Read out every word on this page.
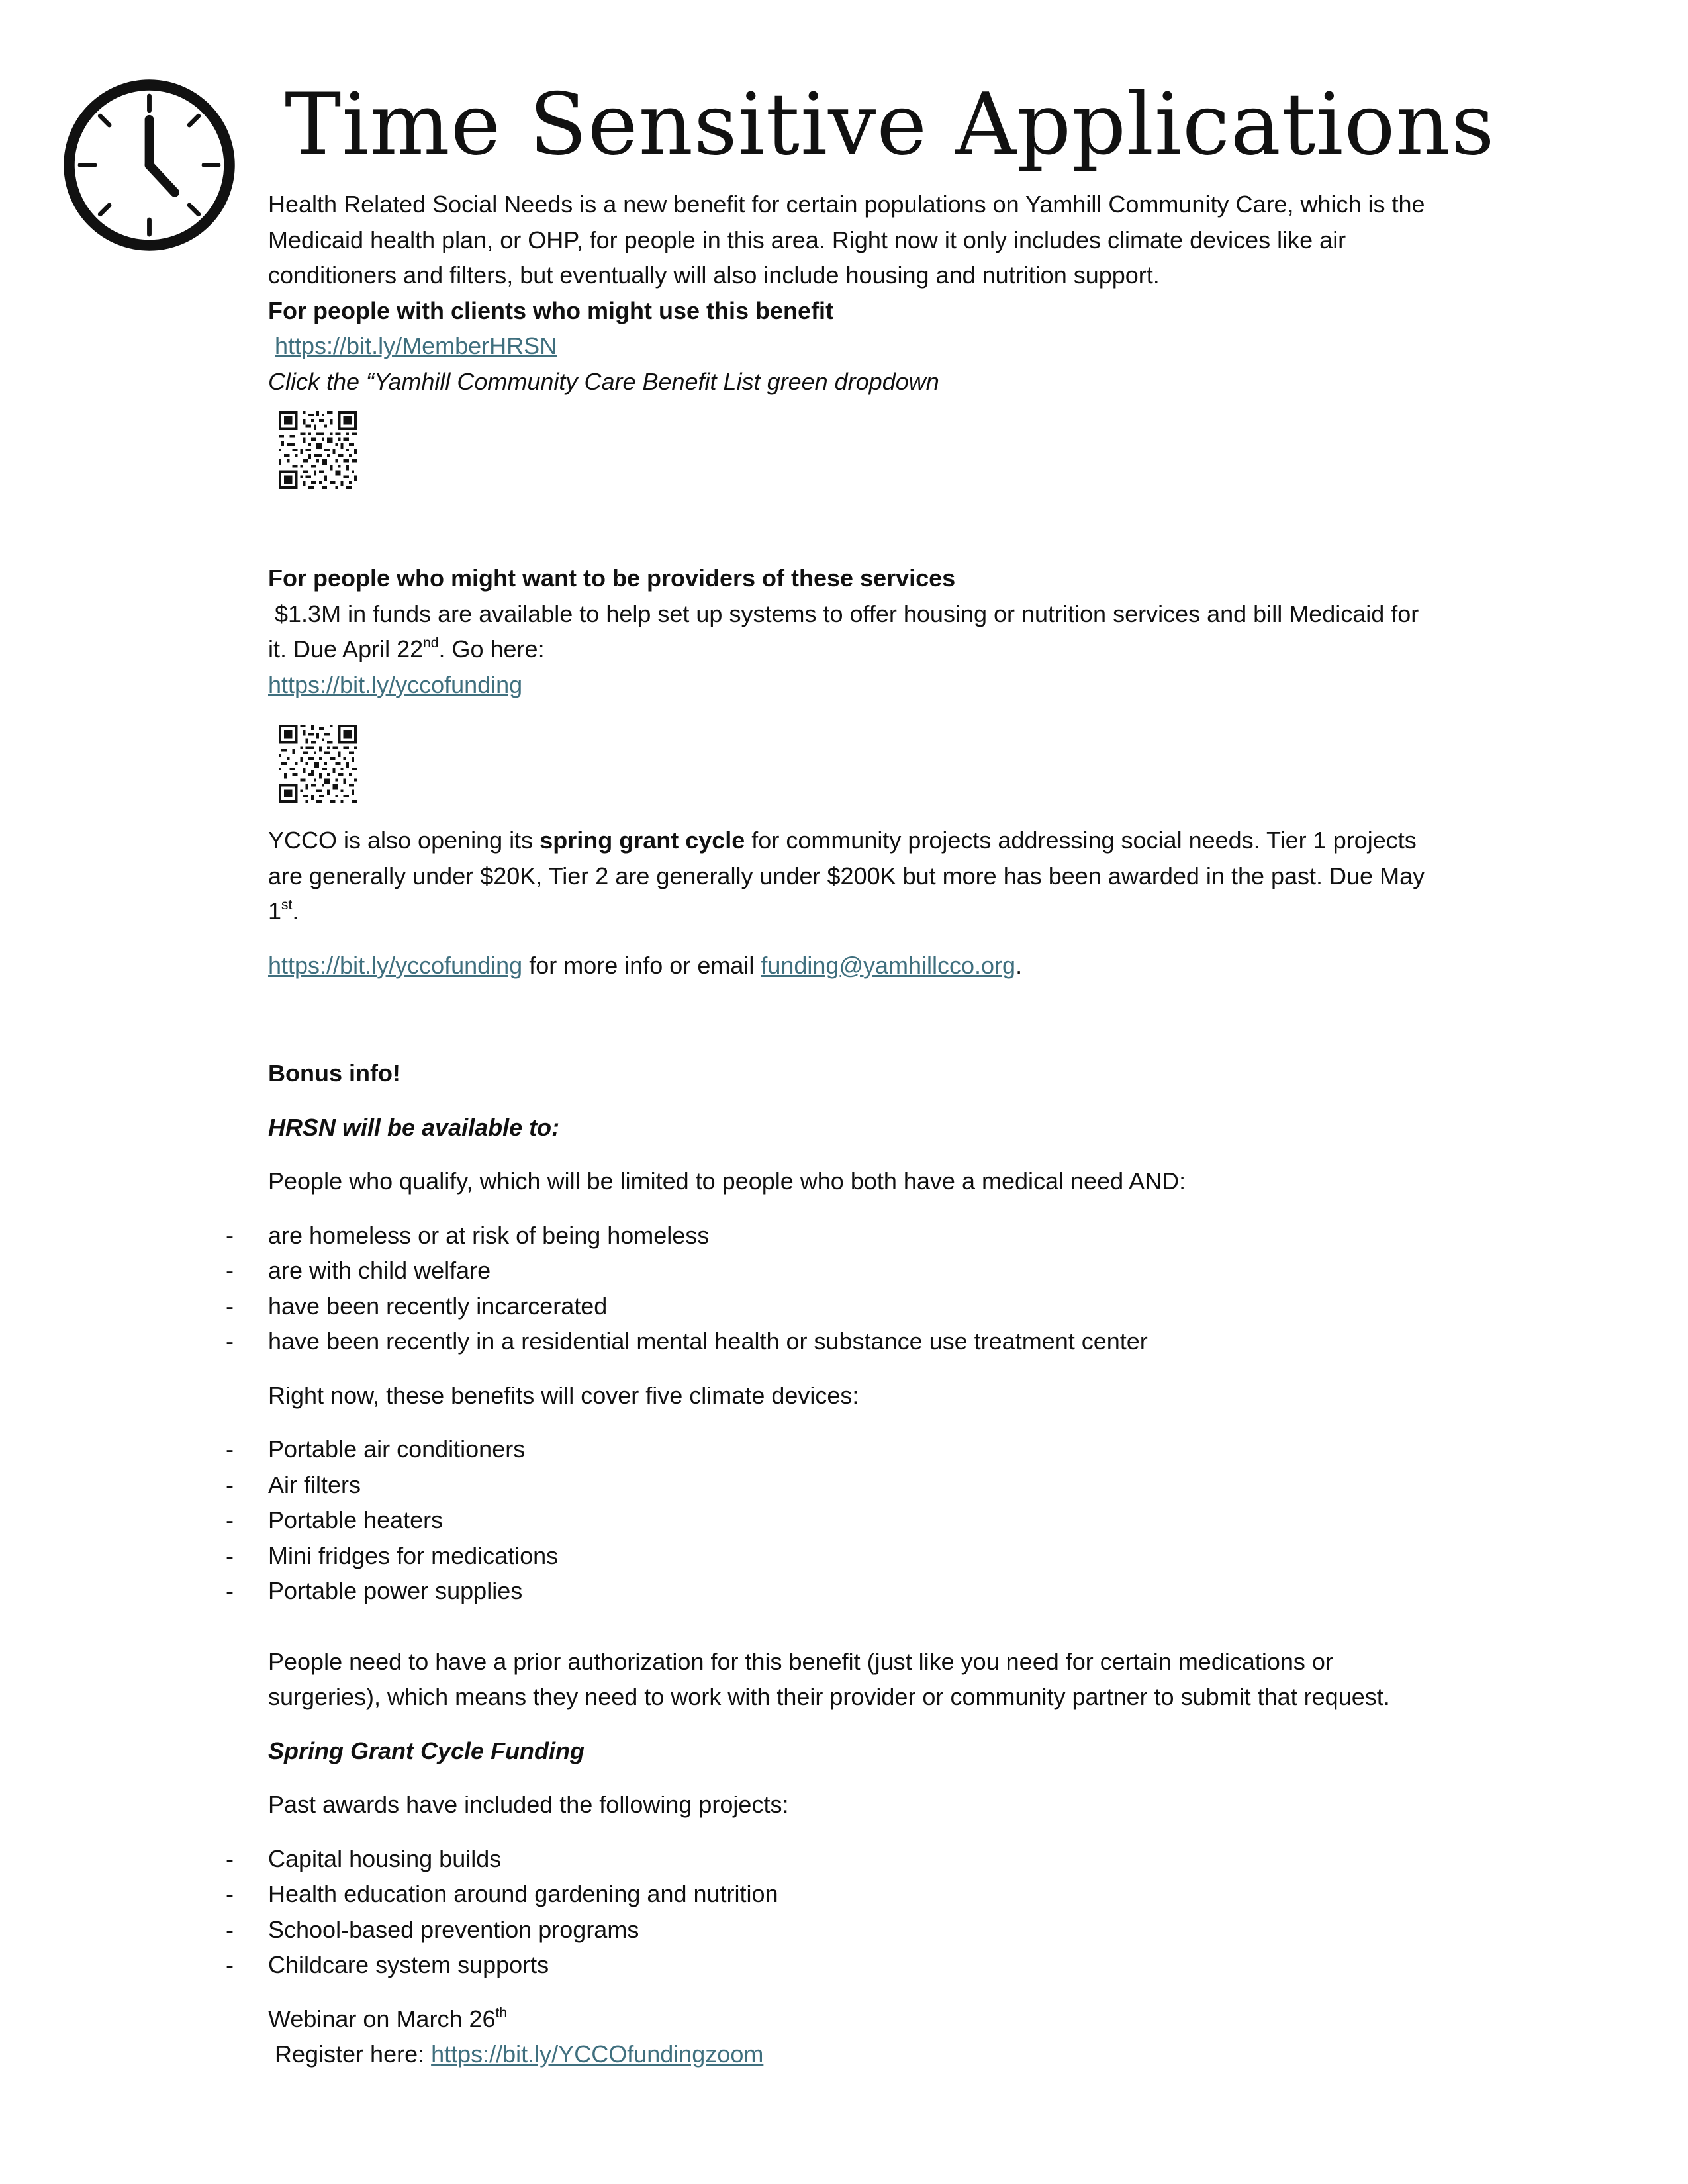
Time Sensitive Applications

Health Related Social Needs is a new benefit for certain populations on Yamhill Community Care, which is the Medicaid health plan, or OHP, for people in this area. Right now it only includes climate devices like air conditioners and filters, but eventually will also include housing and nutrition support.

For people with clients who might use this benefit

https://bit.ly/MemberHRSN

Click the “Yamhill Community Care Benefit List green dropdown

For people who might want to be providers of these services

$1.3M in funds are available to help set up systems to offer housing or nutrition services and bill Medicaid for it. Due April 22nd. Go here:

https://bit.ly/yccofunding

YCCO is also opening its spring grant cycle for community projects addressing social needs. Tier 1 projects are generally under $20K, Tier 2 are generally under $200K but more has been awarded in the past. Due May 1st.

https://bit.ly/yccofunding for more info or email funding@yamhillcco.org.

Bonus info!

HRSN will be available to:

People who qualify, which will be limited to people who both have a medical need AND:

- are homeless or at risk of being homeless
- are with child welfare
- have been recently incarcerated
- have been recently in a residential mental health or substance use treatment center

Right now, these benefits will cover five climate devices:

- Portable air conditioners
- Air filters
- Portable heaters
- Mini fridges for medications
- Portable power supplies

People need to have a prior authorization for this benefit (just like you need for certain medications or surgeries), which means they need to work with their provider or community partner to submit that request.

Spring Grant Cycle Funding

Past awards have included the following projects:

- Capital housing builds
- Health education around gardening and nutrition
- School-based prevention programs
- Childcare system supports

Webinar on March 26th

Register here: https://bit.ly/YCCOfundingzoom
